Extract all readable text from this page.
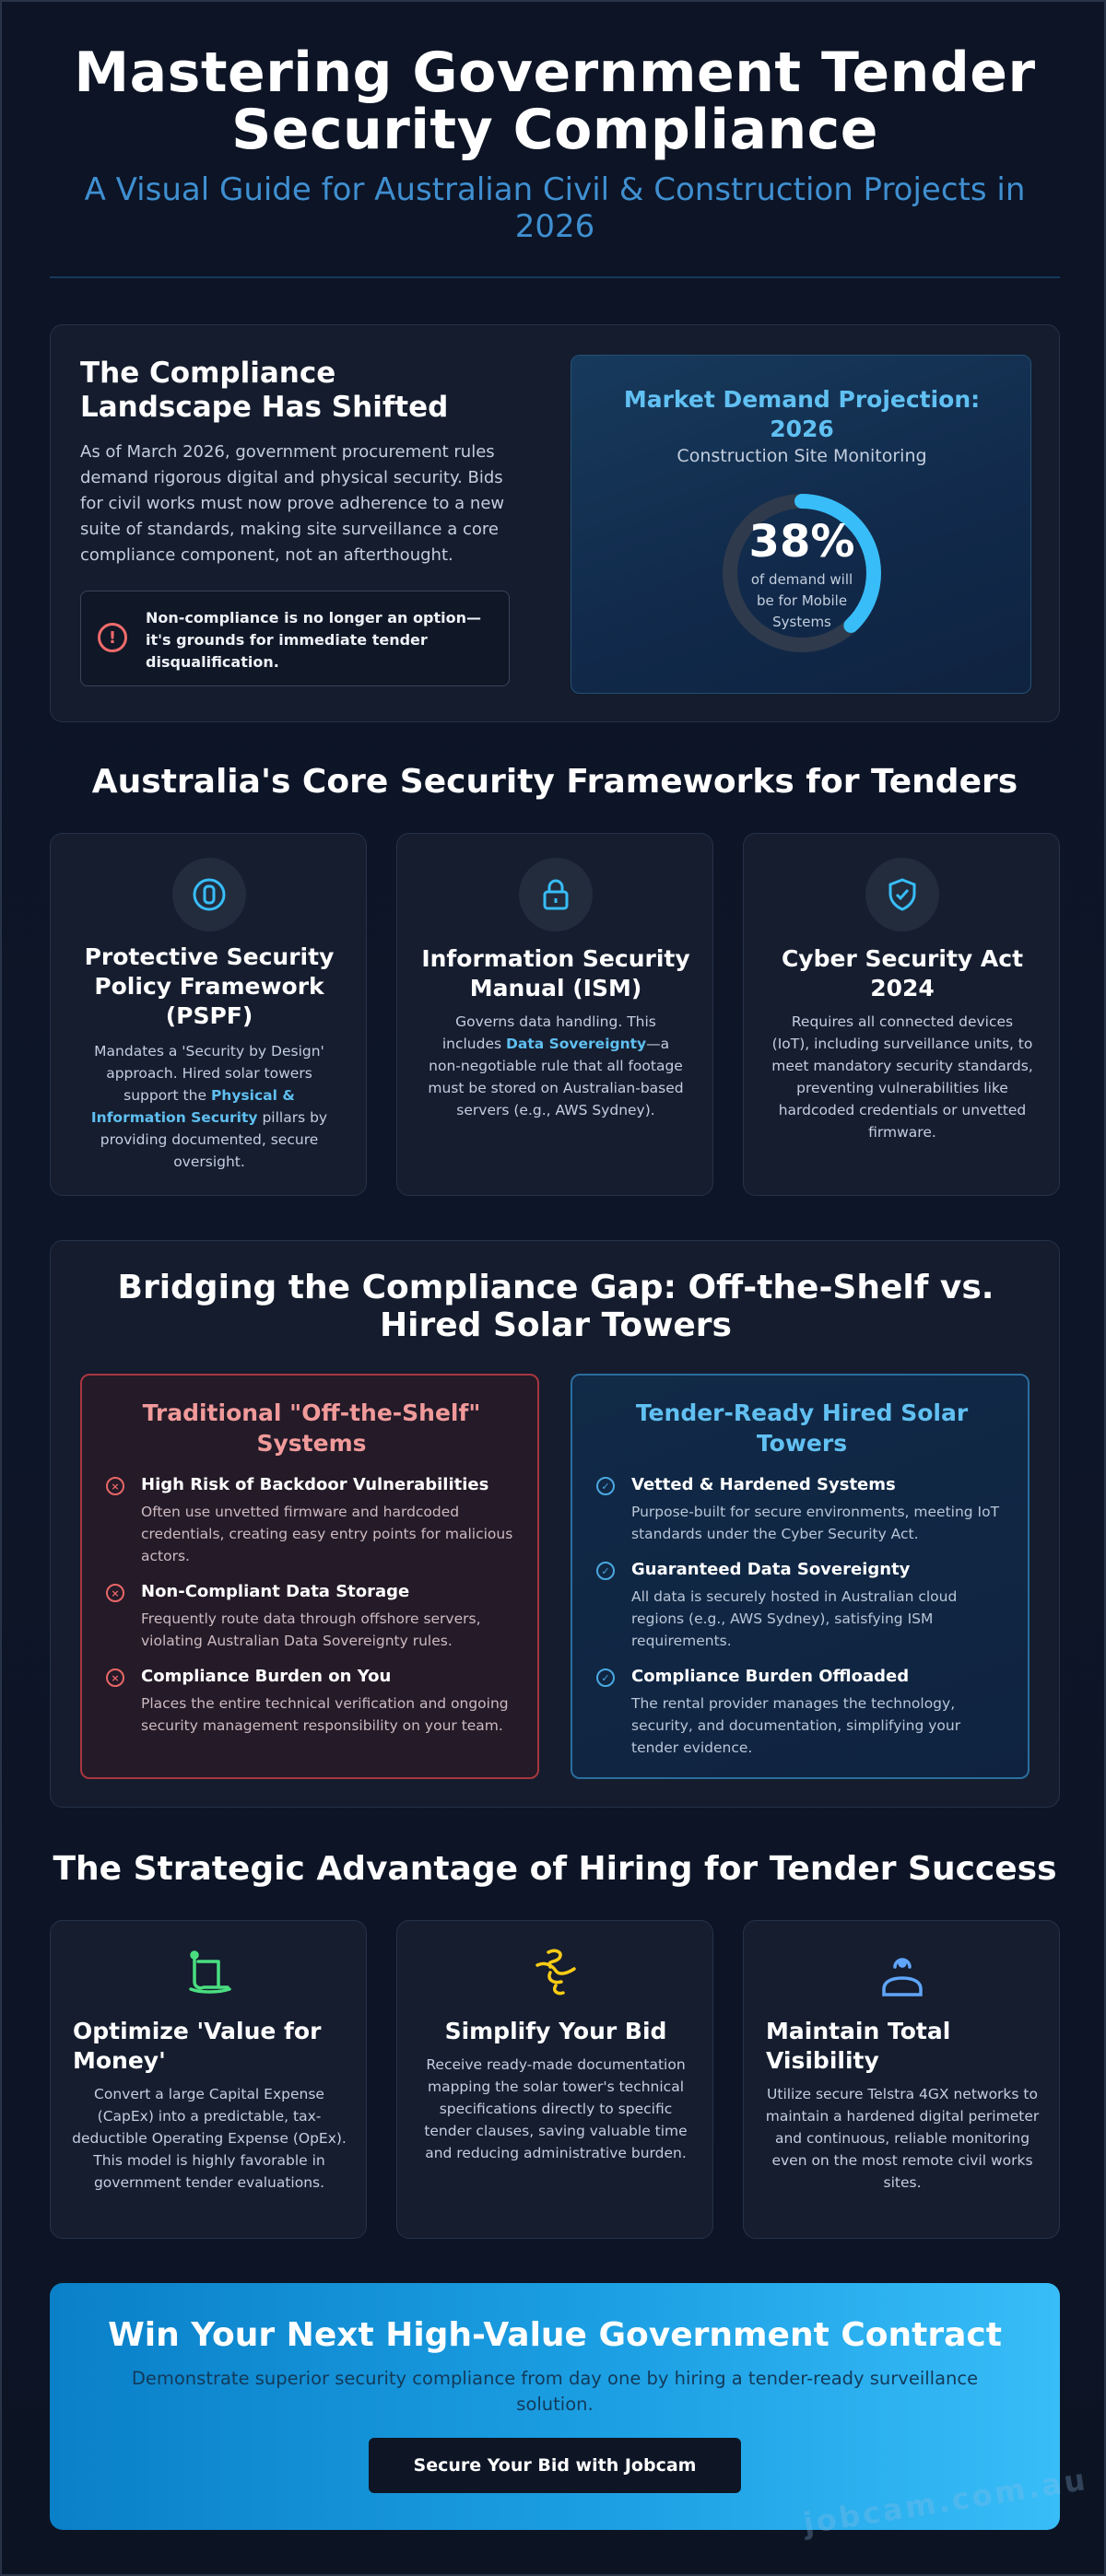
Mastering Government Tender Security Compliance
A Visual Guide for Australian Civil & Construction Projects in 2026
The Compliance Landscape Has Shifted
As of March 2026, government procurement rules demand rigorous digital and physical security. Bids for civil works must now prove adherence to a new suite of standards, making site surveillance a core compliance component, not an afterthought.
!
Non-compliance is no longer an option—it's grounds for immediate tender disqualification.
Market Demand Projection: 2026
Construction Site Monitoring
38%
of demand will be for Mobile Systems
Australia's Core Security Frameworks for Tenders
Protective Security Policy Framework (PSPF)
Mandates a 'Security by Design' approach. Hired solar towers support the Physical & Information Security pillars by providing documented, secure oversight.
Information Security Manual (ISM)
Governs data handling. This includes Data Sovereignty—a non-negotiable rule that all footage must be stored on Australian-based servers (e.g., AWS Sydney).
Cyber Security Act 2024
Requires all connected devices (IoT), including surveillance units, to meet mandatory security standards, preventing vulnerabilities like hardcoded credentials or unvetted firmware.
Bridging the Compliance Gap: Off-the-Shelf vs. Hired Solar Towers
Traditional "Off-the-Shelf" Systems
× High Risk of Backdoor Vulnerabilities
Often use unvetted firmware and hardcoded credentials, creating easy entry points for malicious actors.
× Non-Compliant Data Storage
Frequently route data through offshore servers, violating Australian Data Sovereignty rules.
× Compliance Burden on You
Places the entire technical verification and ongoing security management responsibility on your team.
Tender-Ready Hired Solar Towers
✓ Vetted & Hardened Systems
Purpose-built for secure environments, meeting IoT standards under the Cyber Security Act.
✓ Guaranteed Data Sovereignty
All data is securely hosted in Australian cloud regions (e.g., AWS Sydney), satisfying ISM requirements.
✓ Compliance Burden Offloaded
The rental provider manages the technology, security, and documentation, simplifying your tender evidence.
The Strategic Advantage of Hiring for Tender Success
Optimize 'Value for Money'
Convert a large Capital Expense (CapEx) into a predictable, tax-deductible Operating Expense (OpEx). This model is highly favorable in government tender evaluations.
Simplify Your Bid
Receive ready-made documentation mapping the solar tower's technical specifications directly to specific tender clauses, saving valuable time and reducing administrative burden.
Maintain Total Visibility
Utilize secure Telstra 4GX networks to maintain a hardened digital perimeter and continuous, reliable monitoring even on the most remote civil works sites.
Win Your Next High-Value Government Contract
Demonstrate superior security compliance from day one by hiring a tender-ready surveillance solution.
Secure Your Bid with Jobcam	jobcam.com.au
